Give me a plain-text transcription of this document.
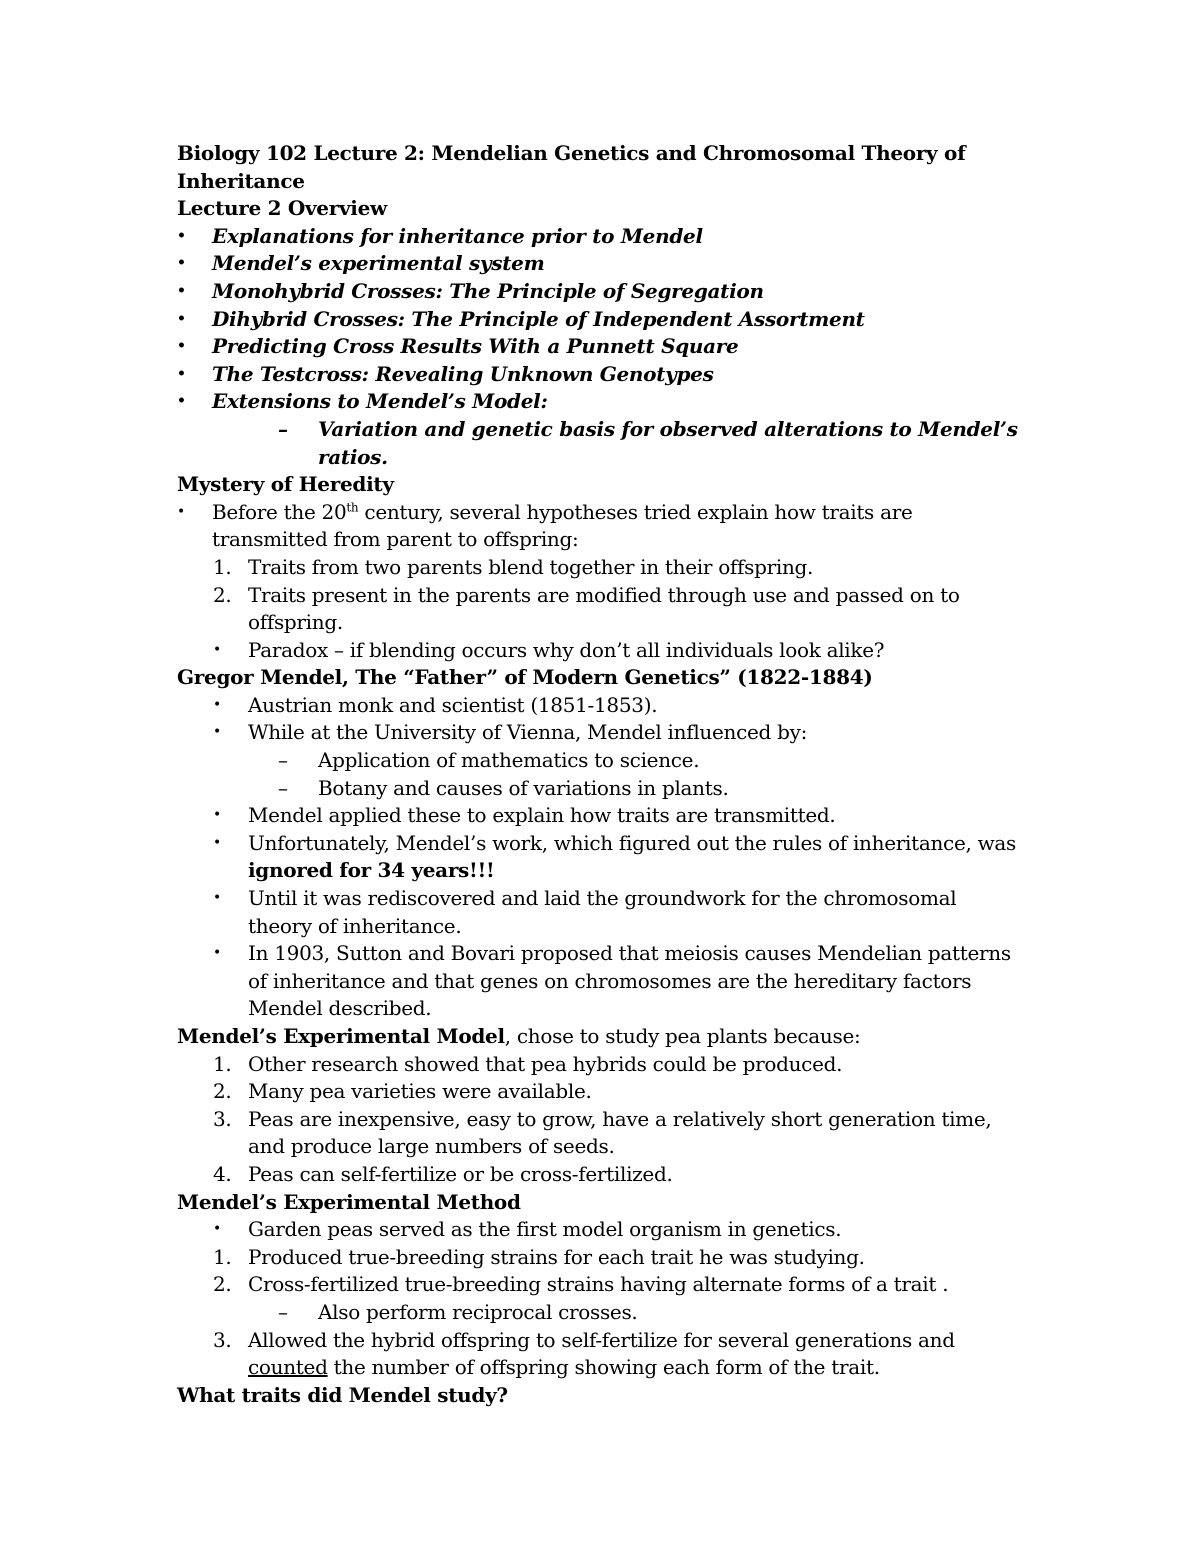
Biology 102 Lecture 2: Mendelian Genetics and Chromosomal Theory of
Inheritance
Lecture 2 Overview
• Explanations for inheritance prior to Mendel
• Mendel’s experimental system
• Monohybrid Crosses: The Principle of Segregation
• Dihybrid Crosses: The Principle of Independent Assortment
• Predicting Cross Results With a Punnett Square
• The Testcross: Revealing Unknown Genotypes
• Extensions to Mendel’s Model:
– Variation and genetic basis for observed alterations to Mendel’s
ratios.
Mystery of Heredity
• Before the 20th century, several hypotheses tried explain how traits are
transmitted from parent to offspring:
1. Traits from two parents blend together in their offspring.
2. Traits present in the parents are modified through use and passed on to
offspring.
• Paradox – if blending occurs why don’t all individuals look alike?
Gregor Mendel, The “Father” of Modern Genetics” (1822-1884)
• Austrian monk and scientist (1851-1853).
• While at the University of Vienna, Mendel influenced by:
– Application of mathematics to science.
– Botany and causes of variations in plants.
• Mendel applied these to explain how traits are transmitted.
• Unfortunately, Mendel’s work, which figured out the rules of inheritance, was
ignored for 34 years!!!
• Until it was rediscovered and laid the groundwork for the chromosomal
theory of inheritance.
• In 1903, Sutton and Bovari proposed that meiosis causes Mendelian patterns
of inheritance and that genes on chromosomes are the hereditary factors
Mendel described.
Mendel’s Experimental Model, chose to study pea plants because:
1. Other research showed that pea hybrids could be produced.
2. Many pea varieties were available.
3. Peas are inexpensive, easy to grow, have a relatively short generation time,
and produce large numbers of seeds.
4. Peas can self-fertilize or be cross-fertilized.
Mendel’s Experimental Method
• Garden peas served as the first model organism in genetics.
1. Produced true-breeding strains for each trait he was studying.
2. Cross-fertilized true-breeding strains having alternate forms of a trait .
– Also perform reciprocal crosses.
3. Allowed the hybrid offspring to self-fertilize for several generations and
counted the number of offspring showing each form of the trait.
What traits did Mendel study?
